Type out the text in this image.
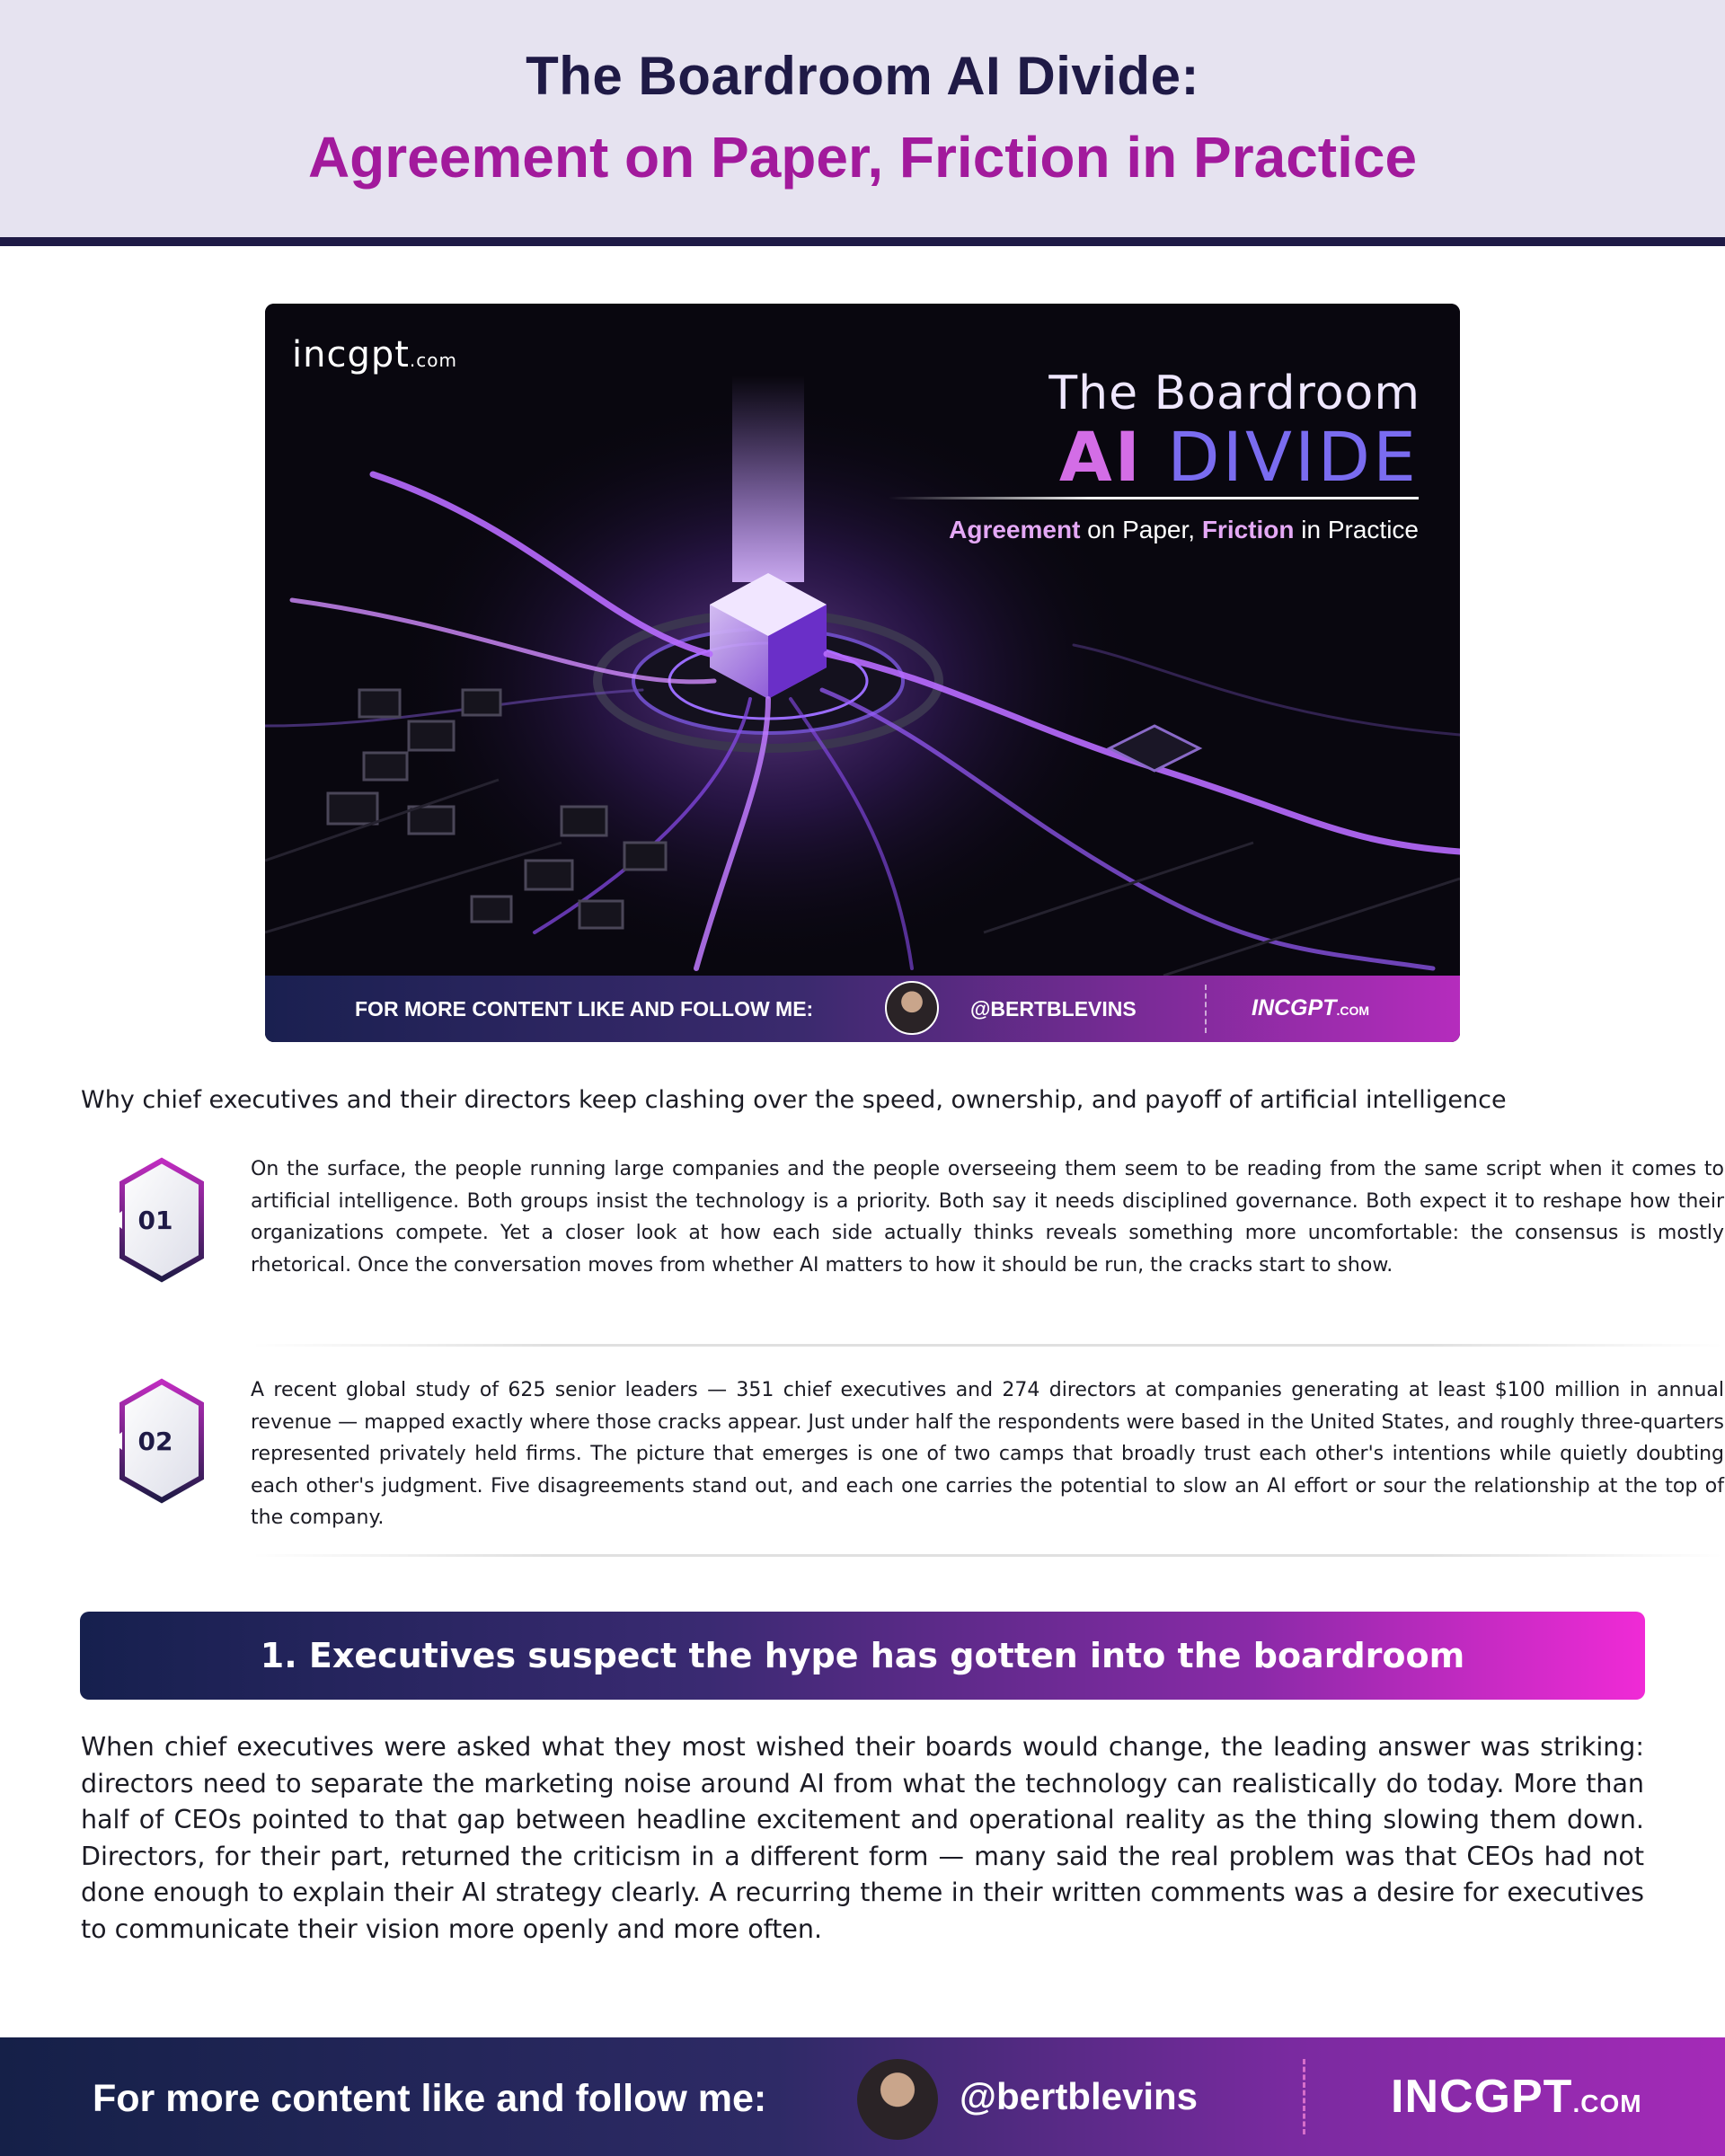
The Boardroom AI Divide:
Agreement on Paper, Friction in Practice
incgpt.com
The Boardroom
AI DIVIDE
Agreement on Paper, Friction in Practice
FOR MORE CONTENT LIKE AND FOLLOW ME:	@BERTBLEVINS	INCGPT.COM
Why chief executives and their directors keep clashing over the speed, ownership, and payoff of artificial intelligence
01
On the surface, the people running large companies and the people overseeing them seem to be reading from the same script when it comes to artificial intelligence. Both groups insist the technology is a priority. Both say it needs disciplined governance. Both expect it to reshape how their organizations compete. Yet a closer look at how each side actually thinks reveals something more uncomfortable: the consensus is mostly rhetorical. Once the conversation moves from whether AI matters to how it should be run, the cracks start to show.
02
A recent global study of 625 senior leaders — 351 chief executives and 274 directors at companies generating at least $100 million in annual revenue — mapped exactly where those cracks appear. Just under half the respondents were based in the United States, and roughly three-quarters represented privately held firms. The picture that emerges is one of two camps that broadly trust each other's intentions while quietly doubting each other's judgment. Five disagreements stand out, and each one carries the potential to slow an AI effort or sour the relationship at the top of the company.
1. Executives suspect the hype has gotten into the boardroom
When chief executives were asked what they most wished their boards would change, the leading answer was striking: directors need to separate the marketing noise around AI from what the technology can realistically do today. More than half of CEOs pointed to that gap between headline excitement and operational reality as the thing slowing them down. Directors, for their part, returned the criticism in a different form — many said the real problem was that CEOs had not done enough to explain their AI strategy clearly. A recurring theme in their written comments was a desire for executives to communicate their vision more openly and more often.
For more content like and follow me:	@bertblevins	INCGPT.COM
